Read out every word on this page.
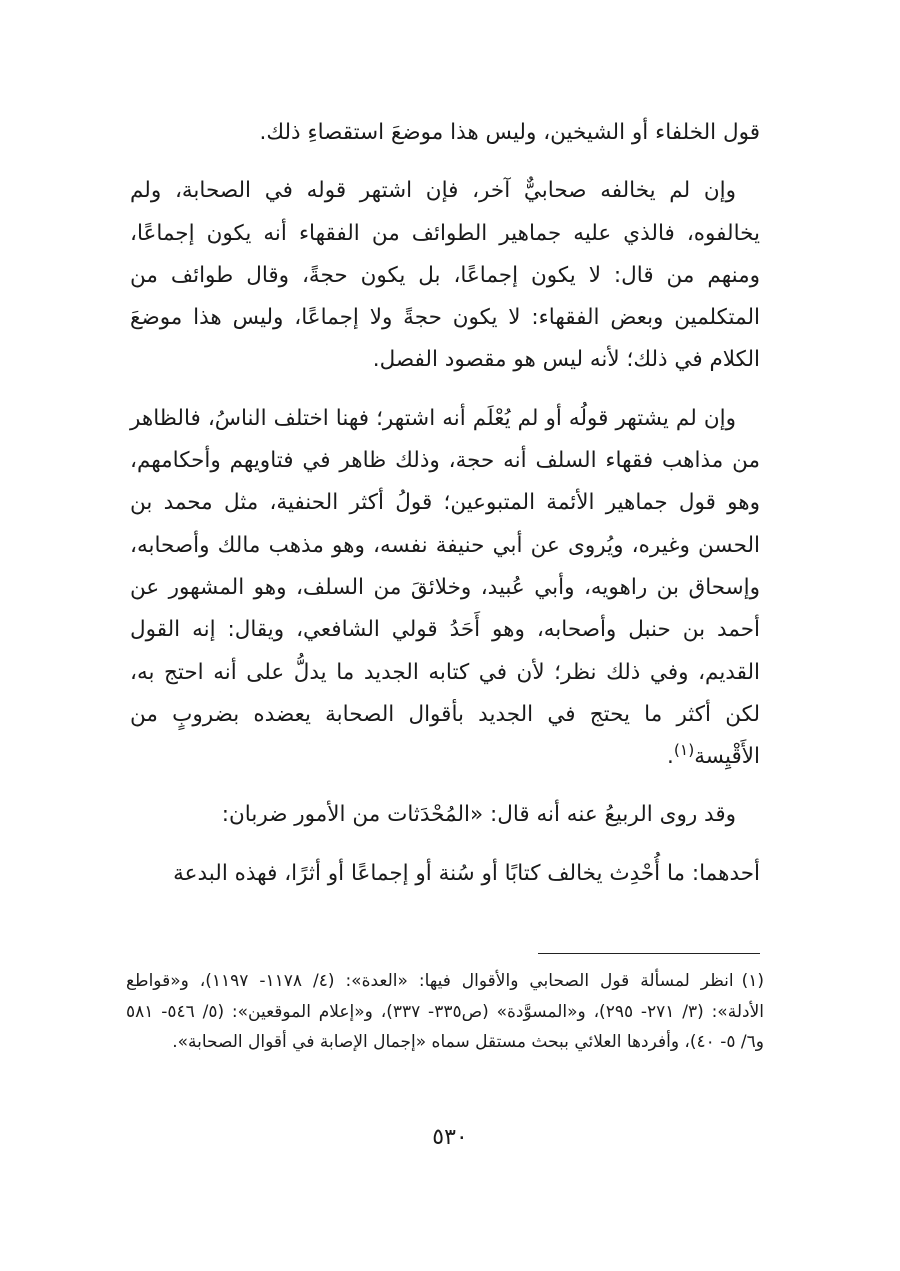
قول الخلفاء أو الشيخين، وليس هذا موضعَ استقصاءِ ذلك.

وإن لم يخالفه صحابيٌّ آخر، فإن اشتهر قوله في الصحابة، ولم يخالفوه، فالذي عليه جماهير الطوائف من الفقهاء أنه يكون إجماعًا، ومنهم من قال: لا يكون إجماعًا، بل يكون حجةً، وقال طوائف من المتكلمين وبعض الفقهاء: لا يكون حجةً ولا إجماعًا، وليس هذا موضعَ الكلام في ذلك؛ لأنه ليس هو مقصود الفصل.

وإن لم يشتهر قولُه أو لم يُعْلَم أنه اشتهر؛ فهنا اختلف الناسُ، فالظاهر من مذاهب فقهاء السلف أنه حجة، وذلك ظاهر في فتاويهم وأحكامهم، وهو قول جماهير الأئمة المتبوعين؛ قولُ أكثر الحنفية، مثل محمد بن الحسن وغيره، ويُروى عن أبي حنيفة نفسه، وهو مذهب مالك وأصحابه، وإسحاق بن راهويه، وأبي عُبيد، وخلائقَ من السلف، وهو المشهور عن أحمد بن حنبل وأصحابه، وهو أَحَدُ قولي الشافعي، ويقال: إنه القول القديم، وفي ذلك نظر؛ لأن في كتابه الجديد ما يدلُّ على أنه احتج به، لكن أكثر ما يحتج في الجديد بأقوال الصحابة يعضده بضروبٍ من الأَقْيِسة$^{(١)}$.

وقد روى الربيعُ عنه أنه قال: «المُحْدَثات من الأمور ضربان:

أحدهما: ما أُحْدِث يخالف كتابًا أو سُنة أو إجماعًا أو أثرًا، فهذه البدعة

(١)انظر لمسألة قول الصحابي والأقوال فيها: «العدة»: (٤/ ١١٧٨- ١١٩٧)، و«قواطع الأدلة»: (٣/ ٢٧١- ٢٩٥)، و«المسوَّدة» (ص٣٣٥- ٣٣٧)، و«إعلام الموقعين»: (٥/ ٥٤٦- ٥٨١ و٦/ ٥- ٤٠)، وأفردها العلائي ببحث مستقل سماه «إجمال الإصابة في أقوال الصحابة».
٥٣٠
